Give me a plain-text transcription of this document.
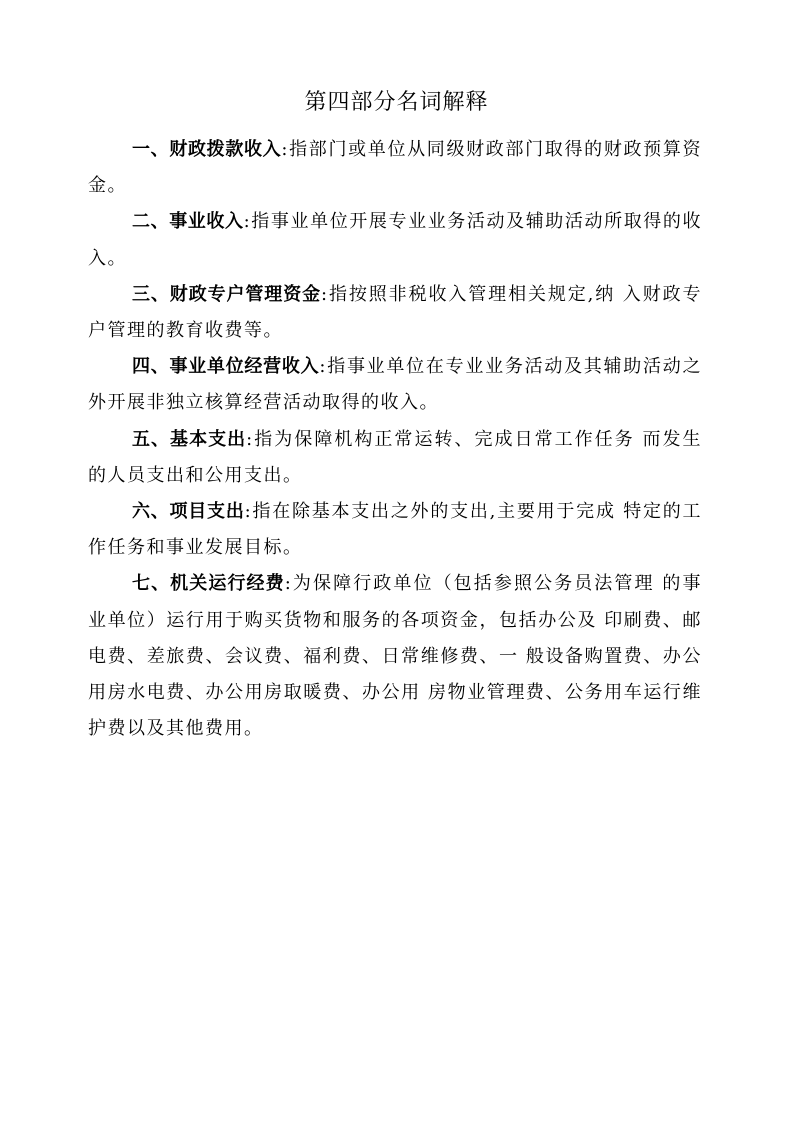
第四部分名词解释

一、财政拨款收入:指部门或单位从同级财政部门取得的财政预算资金。

二、事业收入:指事业单位开展专业业务活动及辅助活动所取得的收入。

三、财政专户管理资金:指按照非税收入管理相关规定,纳 入财政专户管理的教育收费等。

四、事业单位经营收入:指事业单位在专业业务活动及其辅助活动之外开展非独立核算经营活动取得的收入。

五、基本支出:指为保障机构正常运转、完成日常工作任务 而发生的人员支出和公用支出。

六、项目支出:指在除基本支出之外的支出,主要用于完成 特定的工作任务和事业发展目标。

七、机关运行经费:为保障行政单位（包括参照公务员法管理 的事业单位）运行用于购买货物和服务的各项资金，包括办公及 印刷费、邮电费、差旅费、会议费、福利费、日常维修费、一 般设备购置费、办公用房水电费、办公用房取暖费、办公用 房物业管理费、公务用车运行维护费以及其他费用。
